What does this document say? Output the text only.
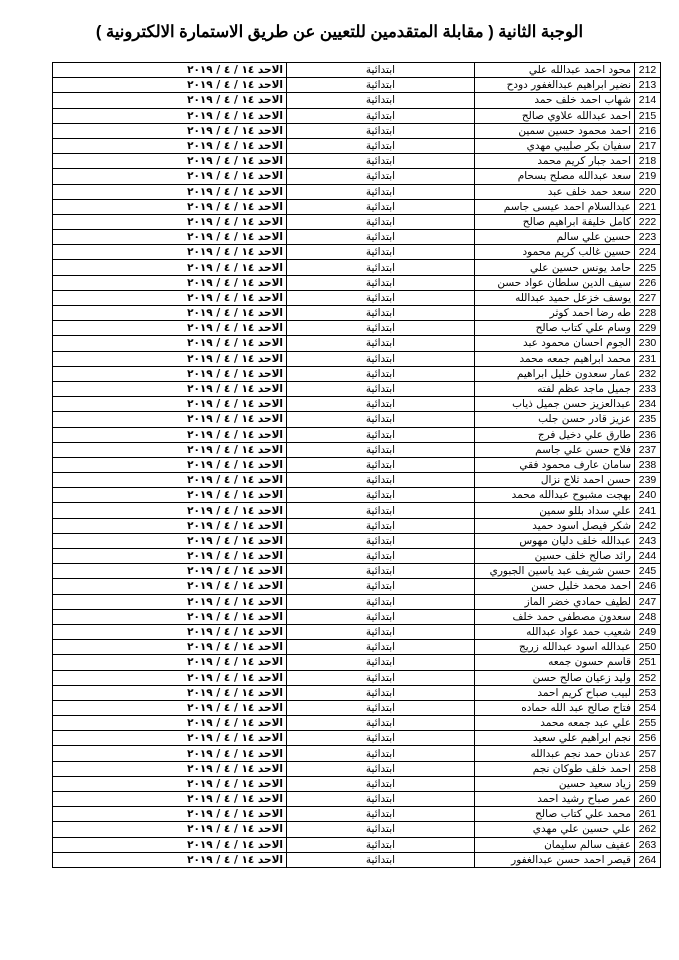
الوجبة الثانية ( مقابلة المتقدمين للتعيين عن طريق الاستمارة الالكترونية )
212	محود احمد عبدالله علي	ابتدائية	الاحد ١٤ / ٤ / ٢٠١٩
213	نضير ابراهيم عبدالغفور دودح	ابتدائية	الاحد ١٤ / ٤ / ٢٠١٩
214	شهاب احمد خلف حمد	ابتدائية	الاحد ١٤ / ٤ / ٢٠١٩
215	احمد عبدالله علاوي صالح	ابتدائية	الاحد ١٤ / ٤ / ٢٠١٩
216	احمد محمود حسين سمين	ابتدائية	الاحد ١٤ / ٤ / ٢٠١٩
217	سفيان بكر صليبي مهدي	ابتدائية	الاحد ١٤ / ٤ / ٢٠١٩
218	احمد جبار كريم محمد	ابتدائية	الاحد ١٤ / ٤ / ٢٠١٩
219	سعد عبدالله مصلح بسحام	ابتدائية	الاحد ١٤ / ٤ / ٢٠١٩
220	سعد حمد خلف عبد	ابتدائية	الاحد ١٤ / ٤ / ٢٠١٩
221	عبدالسلام احمد عيسى جاسم	ابتدائية	الاحد ١٤ / ٤ / ٢٠١٩
222	كامل خليفة ابراهيم صالح	ابتدائية	الاحد ١٤ / ٤ / ٢٠١٩
223	حسين علي سالم	ابتدائية	الاحد ١٤ / ٤ / ٢٠١٩
224	حسين غالب كريم محمود	ابتدائية	الاحد ١٤ / ٤ / ٢٠١٩
225	حامد يونس حسين علي	ابتدائية	الاحد ١٤ / ٤ / ٢٠١٩
226	سيف الدين سلطان عواد حسن	ابتدائية	الاحد ١٤ / ٤ / ٢٠١٩
227	يوسف خزعل حميد عبدالله	ابتدائية	الاحد ١٤ / ٤ / ٢٠١٩
228	طه رضا احمد كوثر	ابتدائية	الاحد ١٤ / ٤ / ٢٠١٩
229	وسام علي كتاب صالح	ابتدائية	الاحد ١٤ / ٤ / ٢٠١٩
230	الجوم احسان محمود عبد	ابتدائية	الاحد ١٤ / ٤ / ٢٠١٩
231	محمد ابراهيم جمعه محمد	ابتدائية	الاحد ١٤ / ٤ / ٢٠١٩
232	عمار سعدون خليل ابراهيم	ابتدائية	الاحد ١٤ / ٤ / ٢٠١٩
233	جميل ماجد عظم لفته	ابتدائية	الاحد ١٤ / ٤ / ٢٠١٩
234	عبدالعزيز حسن جميل ذياب	ابتدائية	الاحد ١٤ / ٤ / ٢٠١٩
235	عزيز قادر حسن جلب	ابتدائية	الاحد ١٤ / ٤ / ٢٠١٩
236	طارق علي دخيل فرج	ابتدائية	الاحد ١٤ / ٤ / ٢٠١٩
237	فلاح حسن علي جاسم	ابتدائية	الاحد ١٤ / ٤ / ٢٠١٩
238	سامان عارف محمود فقي	ابتدائية	الاحد ١٤ / ٤ / ٢٠١٩
239	حسن احمد ثلاج نزال	ابتدائية	الاحد ١٤ / ٤ / ٢٠١٩
240	بهجت مشبوح عبدالله محمد	ابتدائية	الاحد ١٤ / ٤ / ٢٠١٩
241	علي سداد بللو سمين	ابتدائية	الاحد ١٤ / ٤ / ٢٠١٩
242	شكر فيصل اسود حميد	ابتدائية	الاحد ١٤ / ٤ / ٢٠١٩
243	عبدالله خلف دليان مهوس	ابتدائية	الاحد ١٤ / ٤ / ٢٠١٩
244	رائد صالح خلف حسين	ابتدائية	الاحد ١٤ / ٤ / ٢٠١٩
245	حسن شريف عبد ياسين الجبوري	ابتدائية	الاحد ١٤ / ٤ / ٢٠١٩
246	احمد محمد خليل حسن	ابتدائية	الاحد ١٤ / ٤ / ٢٠١٩
247	لطيف حمادي خضر الماز	ابتدائية	الاحد ١٤ / ٤ / ٢٠١٩
248	سعدون مصطفى حمد خلف	ابتدائية	الاحد ١٤ / ٤ / ٢٠١٩
249	شعيب حمد عواد عبدالله	ابتدائية	الاحد ١٤ / ٤ / ٢٠١٩
250	عبدالله اسود عبدالله زريج	ابتدائية	الاحد ١٤ / ٤ / ٢٠١٩
251	قاسم حسون جمعه	ابتدائية	الاحد ١٤ / ٤ / ٢٠١٩
252	وليد زعيان صالح حسن	ابتدائية	الاحد ١٤ / ٤ / ٢٠١٩
253	لبيب صباح كريم احمد	ابتدائية	الاحد ١٤ / ٤ / ٢٠١٩
254	فتاح صالح عبد الله حماده	ابتدائية	الاحد ١٤ / ٤ / ٢٠١٩
255	علي عبد جمعه محمد	ابتدائية	الاحد ١٤ / ٤ / ٢٠١٩
256	نجم ابراهيم علي سعيد	ابتدائية	الاحد ١٤ / ٤ / ٢٠١٩
257	عدنان حمد نجم عبدالله	ابتدائية	الاحد ١٤ / ٤ / ٢٠١٩
258	احمد خلف طوكان نجم	ابتدائية	الاحد ١٤ / ٤ / ٢٠١٩
259	زياد سعيد حسين	ابتدائية	الاحد ١٤ / ٤ / ٢٠١٩
260	عمر صباح رشيد احمد	ابتدائية	الاحد ١٤ / ٤ / ٢٠١٩
261	محمد علي كتاب صالح	ابتدائية	الاحد ١٤ / ٤ / ٢٠١٩
262	علي حسين علي مهدي	ابتدائية	الاحد ١٤ / ٤ / ٢٠١٩
263	عفيف سالم سليمان	ابتدائية	الاحد ١٤ / ٤ / ٢٠١٩
264	قيصر احمد حسن عبدالغفور	ابتدائية	الاحد ١٤ / ٤ / ٢٠١٩
